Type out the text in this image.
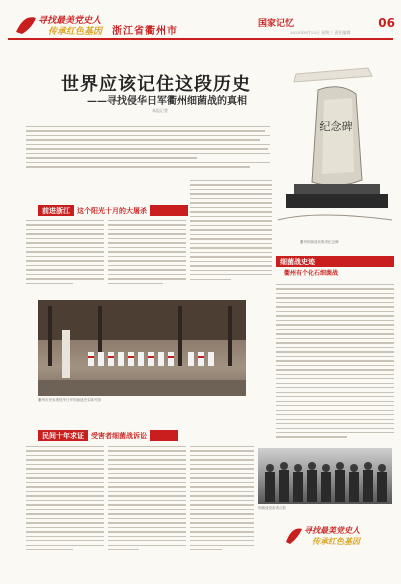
寻找最美党史人
传承红色基因 浙江省衢州市
国家记忆	06
2025年8月13日 星期三 责任编辑
世界应该记住这段历史
——寻找侵华日军衢州细菌战的真相
本报记者
纪念碑
衢州细菌战死难者纪念碑
前进浙江	这个阳光十月的大屠杀
细菌战史迹
衢州有个化石细菌战
衢州市民参观侵华日军细菌战史实陈列馆
民间十年求证	受害者细菌战诉讼
细菌战受害者合影
寻找最美党史人
传承红色基因
